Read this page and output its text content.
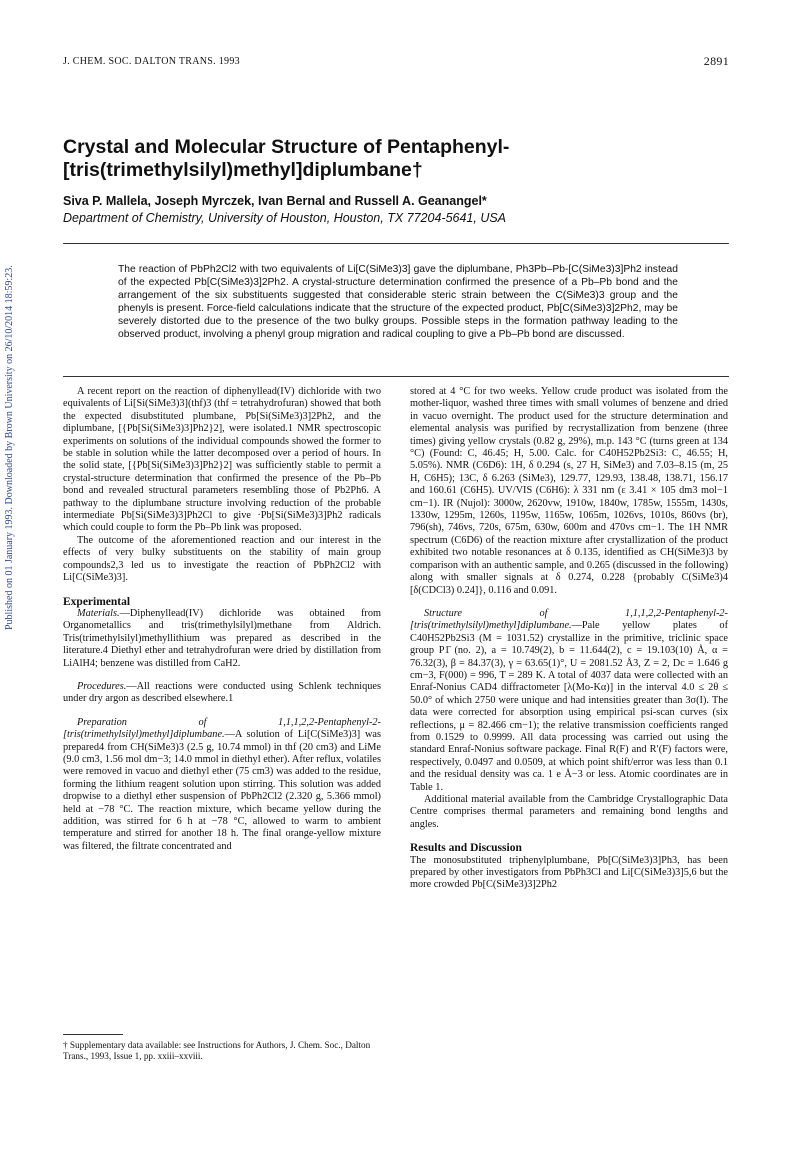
J. CHEM. SOC. DALTON TRANS. 1993	2891
Published on 01 January 1993. Downloaded by Brown University on 26/10/2014 18:59:23.
Crystal and Molecular Structure of Pentaphenyl-[tris(trimethylsilyl)methyl]diplumbane†
Siva P. Mallela, Joseph Myrczek, Ivan Bernal and Russell A. Geanangel*
Department of Chemistry, University of Houston, Houston, TX 77204-5641, USA
The reaction of PbPh2Cl2 with two equivalents of Li[C(SiMe3)3] gave the diplumbane, Ph3Pb–Pb-[C(SiMe3)3]Ph2 instead of the expected Pb[C(SiMe3)3]2Ph2. A crystal-structure determination confirmed the presence of a Pb–Pb bond and the arrangement of the six substituents suggested that considerable steric strain between the C(SiMe3)3 group and the phenyls is present. Force-field calculations indicate that the structure of the expected product, Pb[C(SiMe3)3]2Ph2, may be severely distorted due to the presence of the two bulky groups. Possible steps in the formation pathway leading to the observed product, involving a phenyl group migration and radical coupling to give a Pb–Pb bond are discussed.

A recent report on the reaction of diphenyllead(IV) dichloride with two equivalents of Li[Si(SiMe3)3](thf)3 (thf = tetrahydrofuran) showed that both the expected disubstituted plumbane, Pb[Si(SiMe3)3]2Ph2, and the diplumbane, [{Pb[Si(SiMe3)3]Ph2}2], were isolated.1 NMR spectroscopic experiments on solutions of the individual compounds showed the former to be stable in solution while the latter decomposed over a period of hours. In the solid state, [{Pb[Si(SiMe3)3]Ph2}2] was sufficiently stable to permit a crystal-structure determination that confirmed the presence of the Pb–Pb bond and revealed structural parameters resembling those of Pb2Ph6. A pathway to the diplumbane structure involving reduction of the probable intermediate Pb[Si(SiMe3)3]Ph2Cl to give ·Pb[Si(SiMe3)3]Ph2 radicals which could couple to form the Pb–Pb link was proposed.

The outcome of the aforementioned reaction and our interest in the effects of very bulky substituents on the stability of main group compounds2,3 led us to investigate the reaction of PbPh2Cl2 with Li[C(SiMe3)3].

Experimental

Materials.—Diphenyllead(IV) dichloride was obtained from Organometallics and tris(trimethylsilyl)methane from Aldrich. Tris(trimethylsilyl)methyllithium was prepared as described in the literature.4 Diethyl ether and tetrahydrofuran were dried by distillation from LiAlH4; benzene was distilled from CaH2.

Procedures.—All reactions were conducted using Schlenk techniques under dry argon as described elsewhere.1

Preparation of 1,1,1,2,2-Pentaphenyl-2-[tris(trimethylsilyl)methyl]diplumbane.—A solution of Li[C(SiMe3)3] was prepared4 from CH(SiMe3)3 (2.5 g, 10.74 mmol) in thf (20 cm3) and LiMe (9.0 cm3, 1.56 mol dm−3; 14.0 mmol in diethyl ether). After reflux, volatiles were removed in vacuo and diethyl ether (75 cm3) was added to the residue, forming the lithium reagent solution upon stirring. This solution was added dropwise to a diethyl ether suspension of PbPh2Cl2 (2.320 g, 5.366 mmol) held at −78 °C. The reaction mixture, which became yellow during the addition, was stirred for 6 h at −78 °C, allowed to warm to ambient temperature and stirred for another 18 h. The final orange-yellow mixture was filtered, the filtrate concentrated and

† Supplementary data available: see Instructions for Authors, J. Chem. Soc., Dalton Trans., 1993, Issue 1, pp. xxiii–xxviii.

stored at 4 °C for two weeks. Yellow crude product was isolated from the mother-liquor, washed three times with small volumes of benzene and dried in vacuo overnight. The product used for the structure determination and elemental analysis was purified by recrystallization from benzene (three times) giving yellow crystals (0.82 g, 29%), m.p. 143 °C (turns green at 134 °C) (Found: C, 46.45; H, 5.00. Calc. for C40H52Pb2Si3: C, 46.55; H, 5.05%). NMR (C6D6): 1H, δ 0.294 (s, 27 H, SiMe3) and 7.03–8.15 (m, 25 H, C6H5); 13C, δ 6.263 (SiMe3), 129.77, 129.93, 138.48, 138.71, 156.17 and 160.61 (C6H5). UV/VIS (C6H6): λ 331 nm (ε 3.41 × 105 dm3 mol−1 cm−1). IR (Nujol): 3000w, 2620vw, 1910w, 1840w, 1785w, 1555m, 1430s, 1330w, 1295m, 1260s, 1195w, 1165w, 1065m, 1026vs, 1010s, 860vs (br), 796(sh), 746vs, 720s, 675m, 630w, 600m and 470vs cm−1. The 1H NMR spectrum (C6D6) of the reaction mixture after crystallization of the product exhibited two notable resonances at δ 0.135, identified as CH(SiMe3)3 by comparison with an authentic sample, and 0.265 (discussed in the following) along with smaller signals at δ 0.274, 0.228 {probably C(SiMe3)4 [δ(CDCl3) 0.24]}, 0.116 and 0.091.

Structure of 1,1,1,2,2-Pentaphenyl-2-[tris(trimethylsilyl)methyl]diplumbane.—Pale yellow plates of C40H52Pb2Si3 (M = 1031.52) crystallize in the primitive, triclinic space group P1̄ (no. 2), a = 10.749(2), b = 11.644(2), c = 19.103(10) Å, α = 76.32(3), β = 84.37(3), γ = 63.65(1)°, U = 2081.52 Å3, Z = 2, Dc = 1.646 g cm−3, F(000) = 996, T = 289 K. A total of 4037 data were collected with an Enraf-Nonius CAD4 diffractometer [λ(Mo-Kα)] in the interval 4.0 ≤ 2θ ≤ 50.0° of which 2750 were unique and had intensities greater than 3σ(I). The data were corrected for absorption using empirical psi-scan curves (six reflections, μ = 82.466 cm−1); the relative transmission coefficients ranged from 0.1529 to 0.9999. All data processing was carried out using the standard Enraf-Nonius software package. Final R(F) and R′(F) factors were, respectively, 0.0497 and 0.0509, at which point shift/error was less than 0.1 and the residual density was ca. 1 e Å−3 or less. Atomic coordinates are in Table 1.

Additional material available from the Cambridge Crystallographic Data Centre comprises thermal parameters and remaining bond lengths and angles.

Results and Discussion

The monosubstituted triphenylplumbane, Pb[C(SiMe3)3]Ph3, has been prepared by other investigators from PbPh3Cl and Li[C(SiMe3)3]5,6 but the more crowded Pb[C(SiMe3)3]2Ph2
